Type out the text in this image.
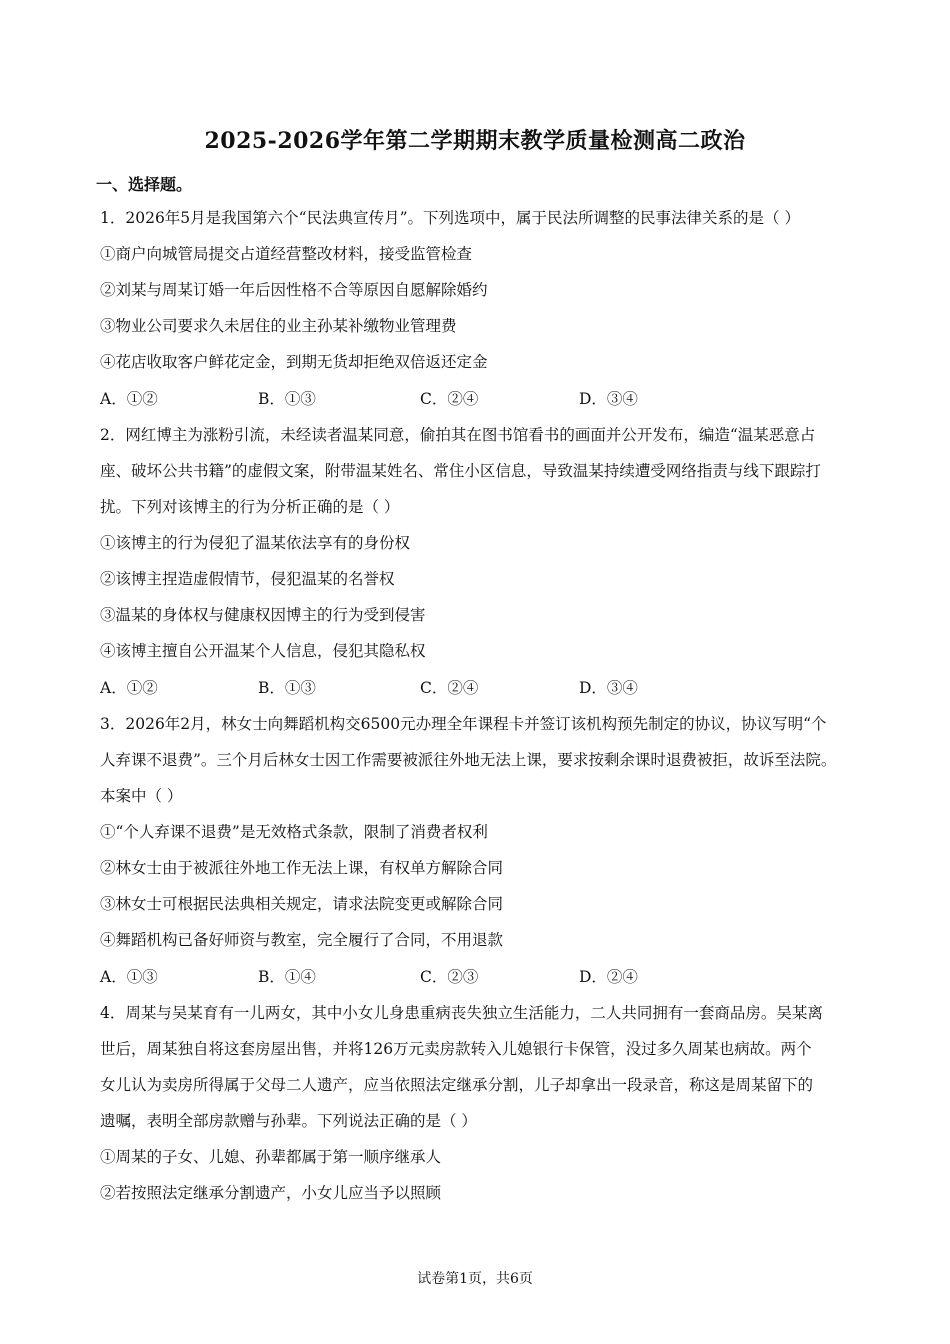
2025-2026学年第二学期期末教学质量检测高二政治
一、选择题。
1．2026年5月是我国第六个“民法典宣传月”。下列选项中，属于民法所调整的民事法律关系的是（ ）
①商户向城管局提交占道经营整改材料，接受监管检查
②刘某与周某订婚一年后因性格不合等原因自愿解除婚约
③物业公司要求久未居住的业主孙某补缴物业管理费
④花店收取客户鲜花定金，到期无货却拒绝双倍返还定金
A．①②	B．①③	C．②④	D．③④
2．网红博主为涨粉引流，未经读者温某同意，偷拍其在图书馆看书的画面并公开发布，编造“温某恶意占
座、破坏公共书籍”的虚假文案，附带温某姓名、常住小区信息，导致温某持续遭受网络指责与线下跟踪打
扰。下列对该博主的行为分析正确的是（ ）
①该博主的行为侵犯了温某依法享有的身份权
②该博主捏造虚假情节，侵犯温某的名誉权
③温某的身体权与健康权因博主的行为受到侵害
④该博主擅自公开温某个人信息，侵犯其隐私权
A．①②	B．①③	C．②④	D．③④
3．2026年2月，林女士向舞蹈机构交6500元办理全年课程卡并签订该机构预先制定的协议，协议写明“个
人弃课不退费”。三个月后林女士因工作需要被派往外地无法上课，要求按剩余课时退费被拒，故诉至法院。
本案中（ ）
①“个人弃课不退费”是无效格式条款，限制了消费者权利
②林女士由于被派往外地工作无法上课，有权单方解除合同
③林女士可根据民法典相关规定，请求法院变更或解除合同
④舞蹈机构已备好师资与教室，完全履行了合同，不用退款
A．①③	B．①④	C．②③	D．②④
4．周某与吴某育有一儿两女，其中小女儿身患重病丧失独立生活能力，二人共同拥有一套商品房。吴某离
世后，周某独自将这套房屋出售，并将126万元卖房款转入儿媳银行卡保管，没过多久周某也病故。两个
女儿认为卖房所得属于父母二人遗产，应当依照法定继承分割，儿子却拿出一段录音，称这是周某留下的
遗嘱，表明全部房款赠与孙辈。下列说法正确的是（ ）
①周某的子女、儿媳、孙辈都属于第一顺序继承人
②若按照法定继承分割遗产，小女儿应当予以照顾
试卷第1页，共6页
